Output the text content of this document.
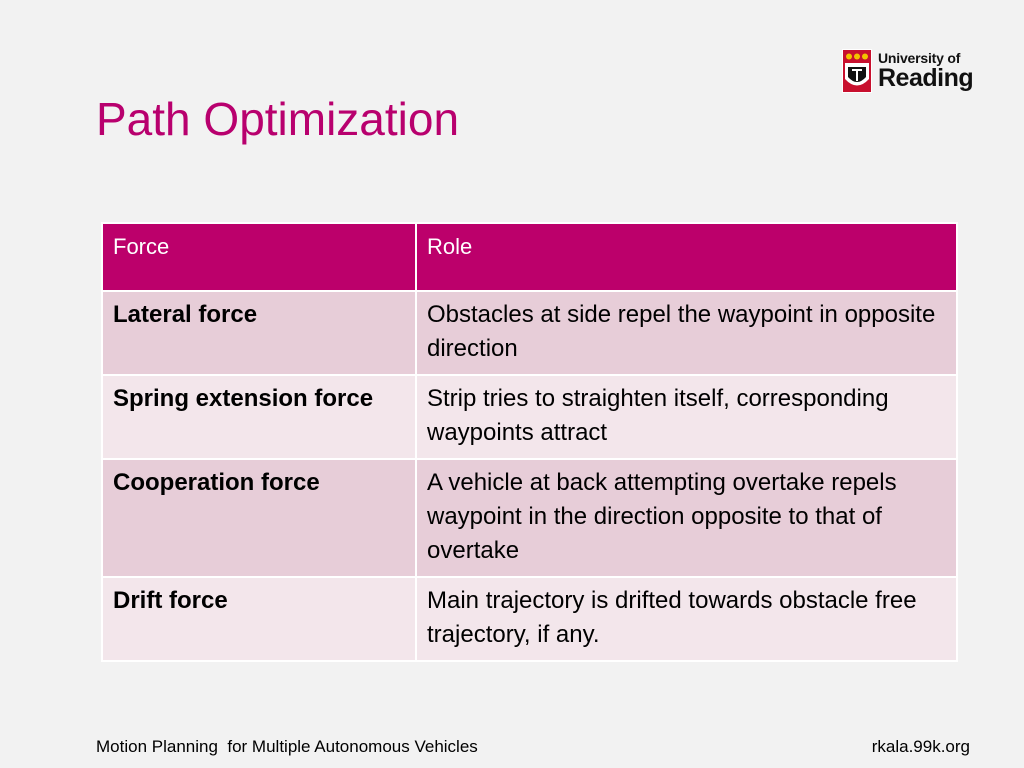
Path Optimization
University of
Reading
Force	Role
Lateral force	Obstacles at side repel the waypoint in opposite direction
Spring extension force	Strip tries to straighten itself, corresponding waypoints attract
Cooperation force	A vehicle at back attempting overtake repels waypoint in the direction opposite to that of overtake
Drift force	Main trajectory is drifted towards obstacle free trajectory, if any.
Motion Planning  for Multiple Autonomous Vehicles	rkala.99k.org
